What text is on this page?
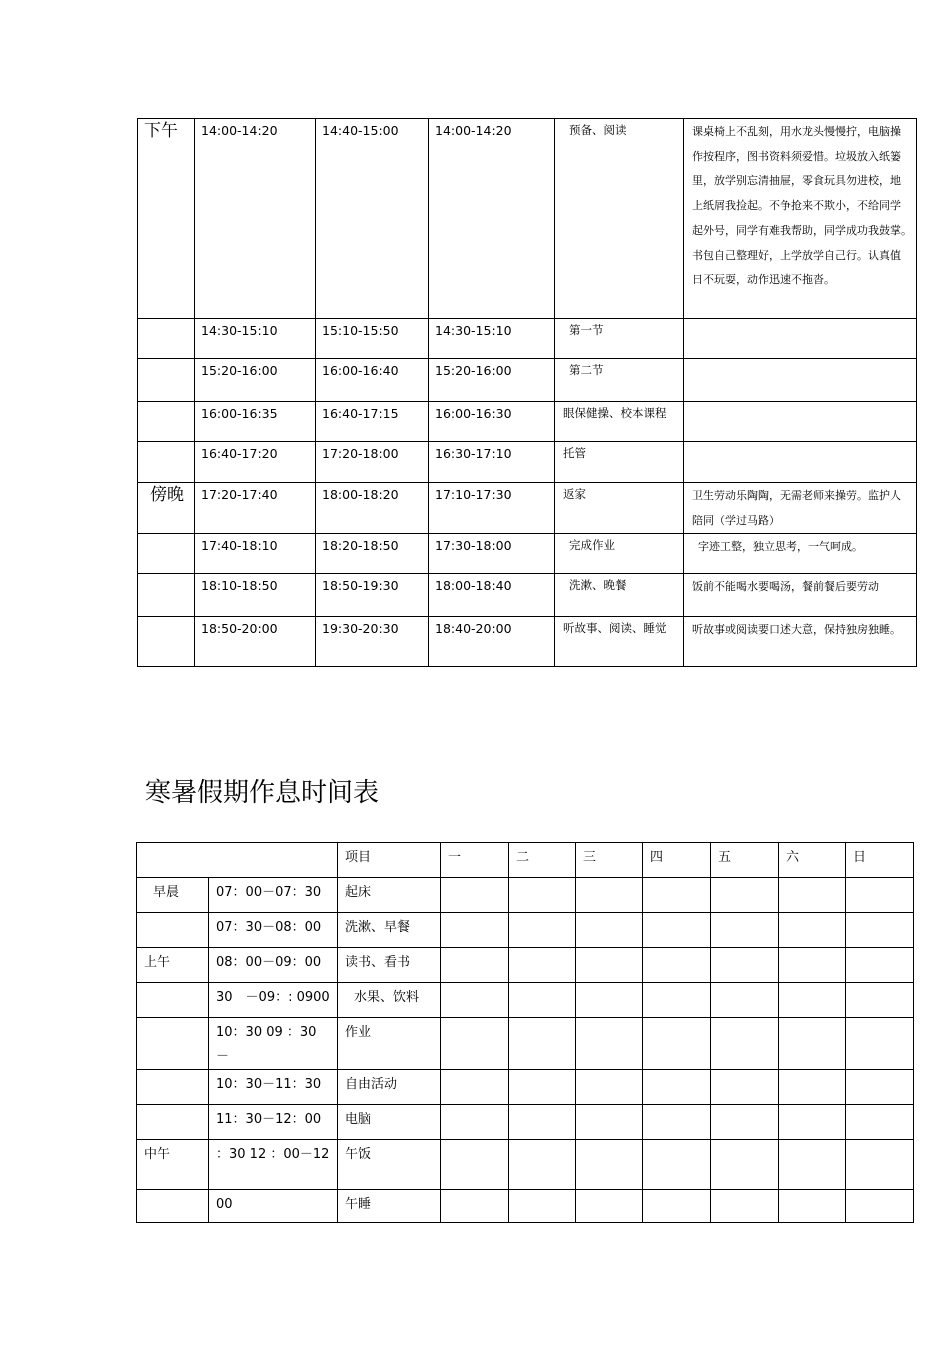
下午	14:00-14:20	14:40-15:00	14:00-14:20	预备、阅读	课桌椅上不乱刻，用水龙头慢慢拧，电脑操作按程序，图书资料须爱惜。垃圾放入纸篓里，放学别忘清抽屉，零食玩具勿进校，地上纸屑我捡起。不争抢来不欺小，不给同学起外号，同学有难我帮助，同学成功我鼓掌。　书包自己整理好，上学放学自己行。认真值日不玩耍，动作迅速不拖沓。
	14:30-15:10	15:10-15:50	14:30-15:10	第一节	
	15:20-16:00	16:00-16:40	15:20-16:00	第二节	
	16:00-16:35	16:40-17:15	16:00-16:30	眼保健操、校本课程	
	16:40-17:20	17:20-18:00	16:30-17:10	托管	
傍晚	17:20-17:40	18:00-18:20	17:10-17:30	返家	卫生劳动乐陶陶，无需老师来操劳。监护人陪同（学过马路）
	17:40-18:10	18:20-18:50	17:30-18:00	完成作业	字迹工整，独立思考，一气呵成。
	18:10-18:50	18:50-19:30	18:00-18:40	洗漱、晚餐	饭前不能喝水要喝汤，餐前餐后要劳动
	18:50-20:00	19:30-20:30	18:40-20:00	听故事、阅读、睡觉	听故事或阅读要口述大意，保持独房独睡。
寒暑假期作息时间表
		项目	一	二	三	四	五	六	日
早晨	07：00－07：30	起床							
	07：30－08：00	洗漱、早餐							
上午	08：00－09：00	读书、看书							
	30　－09：: 0900	水果、饮料							
	10：30 09 ：30 －	作业							
	10：30－11：30	自由活动							
	11：30－12：00	电脑							
中午	：30 12 ：00－12	午饭							
	00	午睡							
